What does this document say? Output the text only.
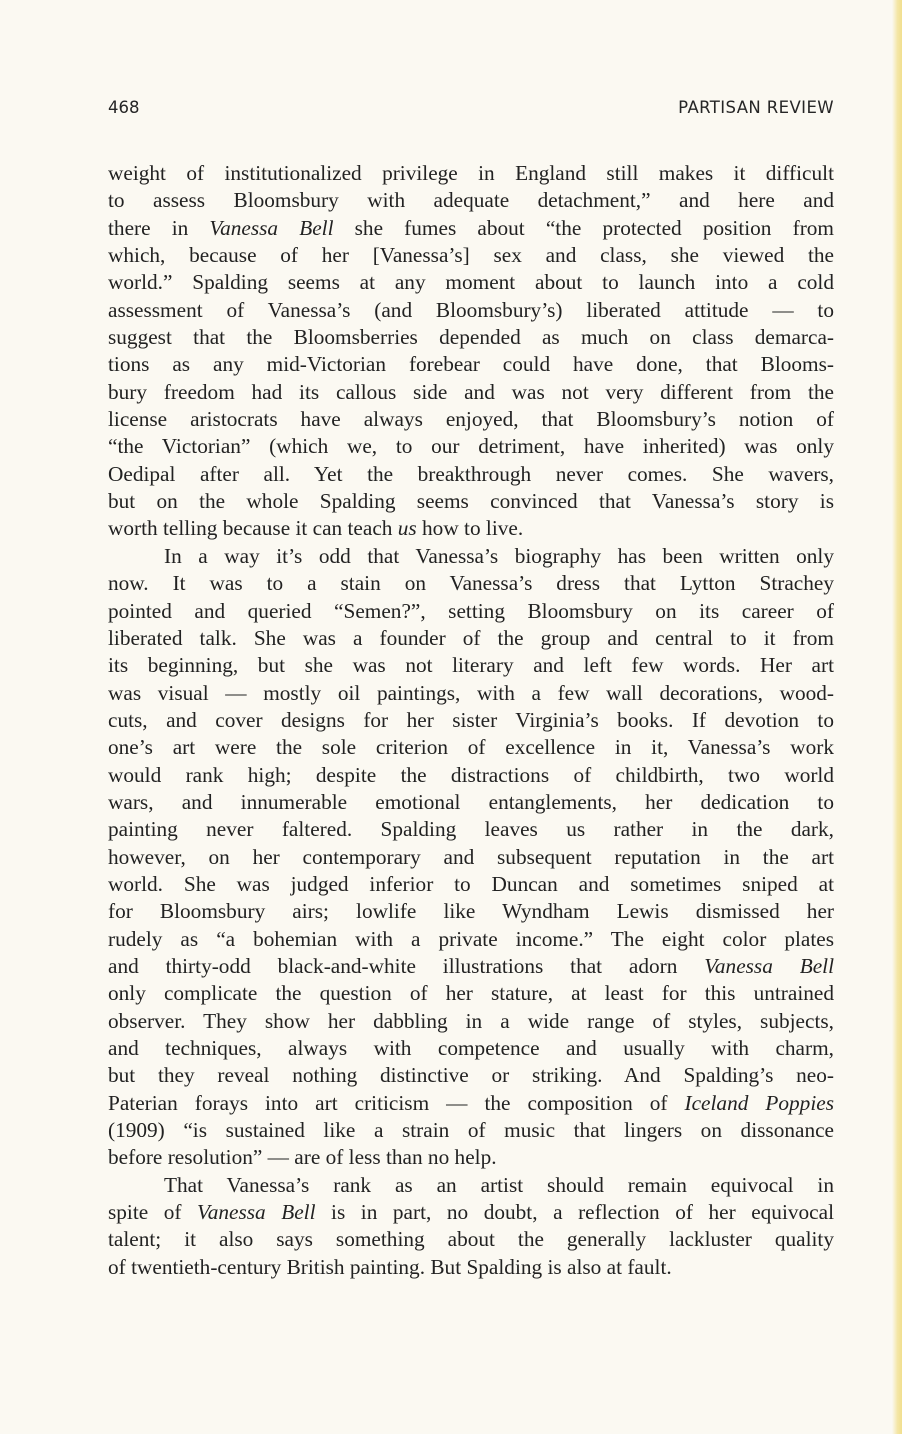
468	PARTISAN REVIEW
weight of institutionalized privilege in England still makes it difficult
to assess Bloomsbury with adequate detachment,” and here and
there in Vanessa Bell she fumes about “the protected position from
which, because of her [Vanessa’s] sex and class, she viewed the
world.” Spalding seems at any moment about to launch into a cold
assessment of Vanessa’s (and Bloomsbury’s) liberated attitude — to
suggest that the Bloomsberries depended as much on class demarca-
tions as any mid-Victorian forebear could have done, that Blooms-
bury freedom had its callous side and was not very different from the
license aristocrats have always enjoyed, that Bloomsbury’s notion of
“the Victorian” (which we, to our detriment, have inherited) was only
Oedipal after all. Yet the breakthrough never comes. She wavers,
but on the whole Spalding seems convinced that Vanessa’s story is
worth telling because it can teach us how to live.
In a way it’s odd that Vanessa’s biography has been written only
now. It was to a stain on Vanessa’s dress that Lytton Strachey
pointed and queried “Semen?”, setting Bloomsbury on its career of
liberated talk. She was a founder of the group and central to it from
its beginning, but she was not literary and left few words. Her art
was visual — mostly oil paintings, with a few wall decorations, wood-
cuts, and cover designs for her sister Virginia’s books. If devotion to
one’s art were the sole criterion of excellence in it, Vanessa’s work
would rank high; despite the distractions of childbirth, two world
wars, and innumerable emotional entanglements, her dedication to
painting never faltered. Spalding leaves us rather in the dark,
however, on her contemporary and subsequent reputation in the art
world. She was judged inferior to Duncan and sometimes sniped at
for Bloomsbury airs; lowlife like Wyndham Lewis dismissed her
rudely as “a bohemian with a private income.” The eight color plates
and thirty-odd black-and-white illustrations that adorn Vanessa Bell
only complicate the question of her stature, at least for this untrained
observer. They show her dabbling in a wide range of styles, subjects,
and techniques, always with competence and usually with charm,
but they reveal nothing distinctive or striking. And Spalding’s neo-
Paterian forays into art criticism — the composition of Iceland Poppies
(1909) “is sustained like a strain of music that lingers on dissonance
before resolution” — are of less than no help.
That Vanessa’s rank as an artist should remain equivocal in
spite of Vanessa Bell is in part, no doubt, a reflection of her equivocal
talent; it also says something about the generally lackluster quality
of twentieth-century British painting. But Spalding is also at fault.
